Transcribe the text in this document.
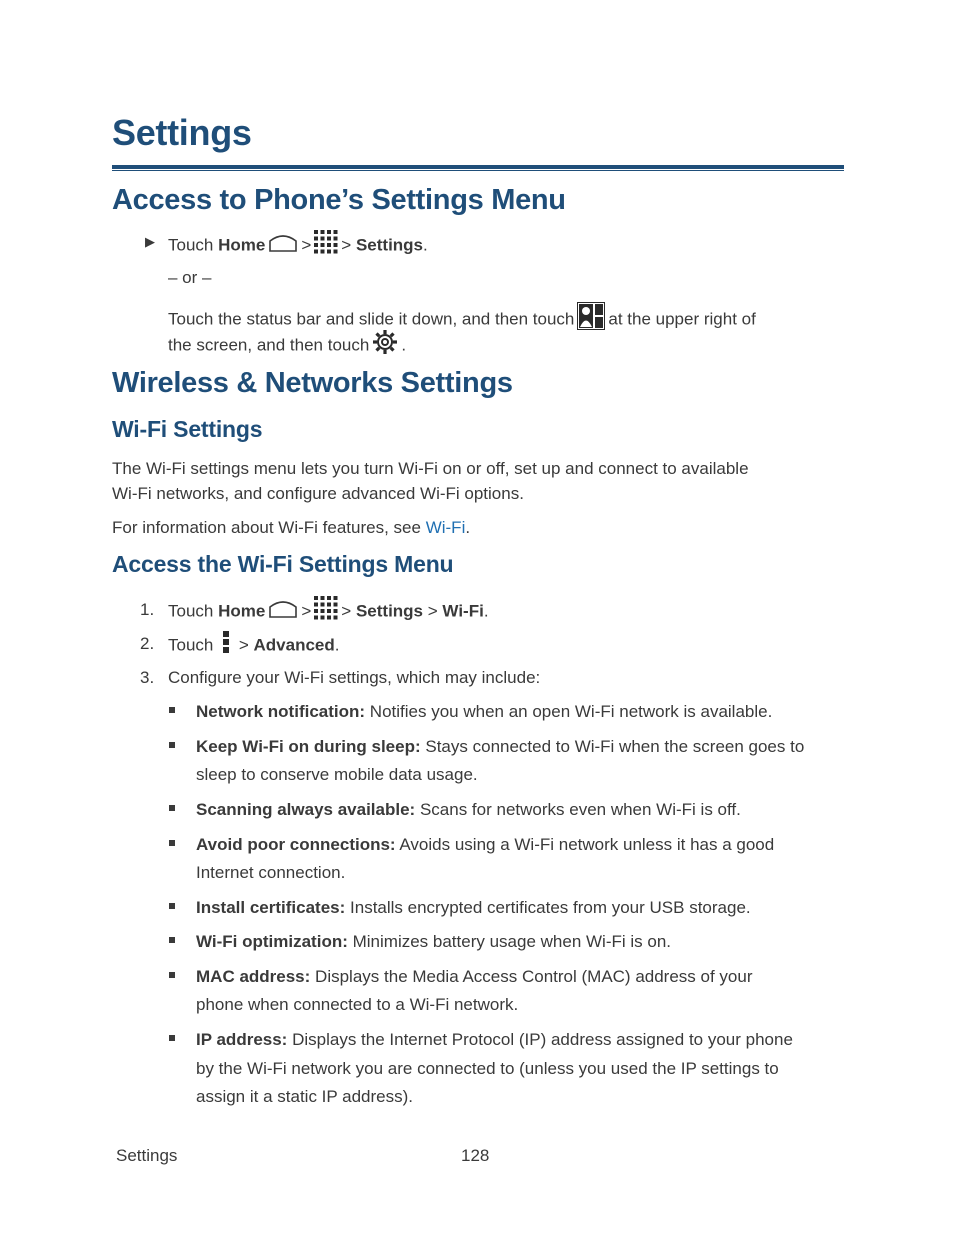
Settings
Access to Phone’s Settings Menu
▶ Touch Home > > Settings.
– or –
Touch the status bar and slide it down, and then touch at the upper right of
the screen, and then touch .
Wireless & Networks Settings
Wi-Fi Settings
The Wi-Fi settings menu lets you turn Wi-Fi on or off, set up and connect to available
Wi-Fi networks, and configure advanced Wi-Fi options.
For information about Wi-Fi features, see Wi-Fi.
Access the Wi-Fi Settings Menu
1. Touch Home > > Settings > Wi-Fi.
2. Touch > Advanced.
3. Configure your Wi-Fi settings, which may include:
Network notification: Notifies you when an open Wi-Fi network is available.
Keep Wi-Fi on during sleep: Stays connected to Wi-Fi when the screen goes to
sleep to conserve mobile data usage.
Scanning always available: Scans for networks even when Wi-Fi is off.
Avoid poor connections: Avoids using a Wi-Fi network unless it has a good
Internet connection.
Install certificates: Installs encrypted certificates from your USB storage.
Wi-Fi optimization: Minimizes battery usage when Wi-Fi is on.
MAC address: Displays the Media Access Control (MAC) address of your
phone when connected to a Wi-Fi network.
IP address: Displays the Internet Protocol (IP) address assigned to your phone
by the Wi-Fi network you are connected to (unless you used the IP settings to
assign it a static IP address).
Settings	128
